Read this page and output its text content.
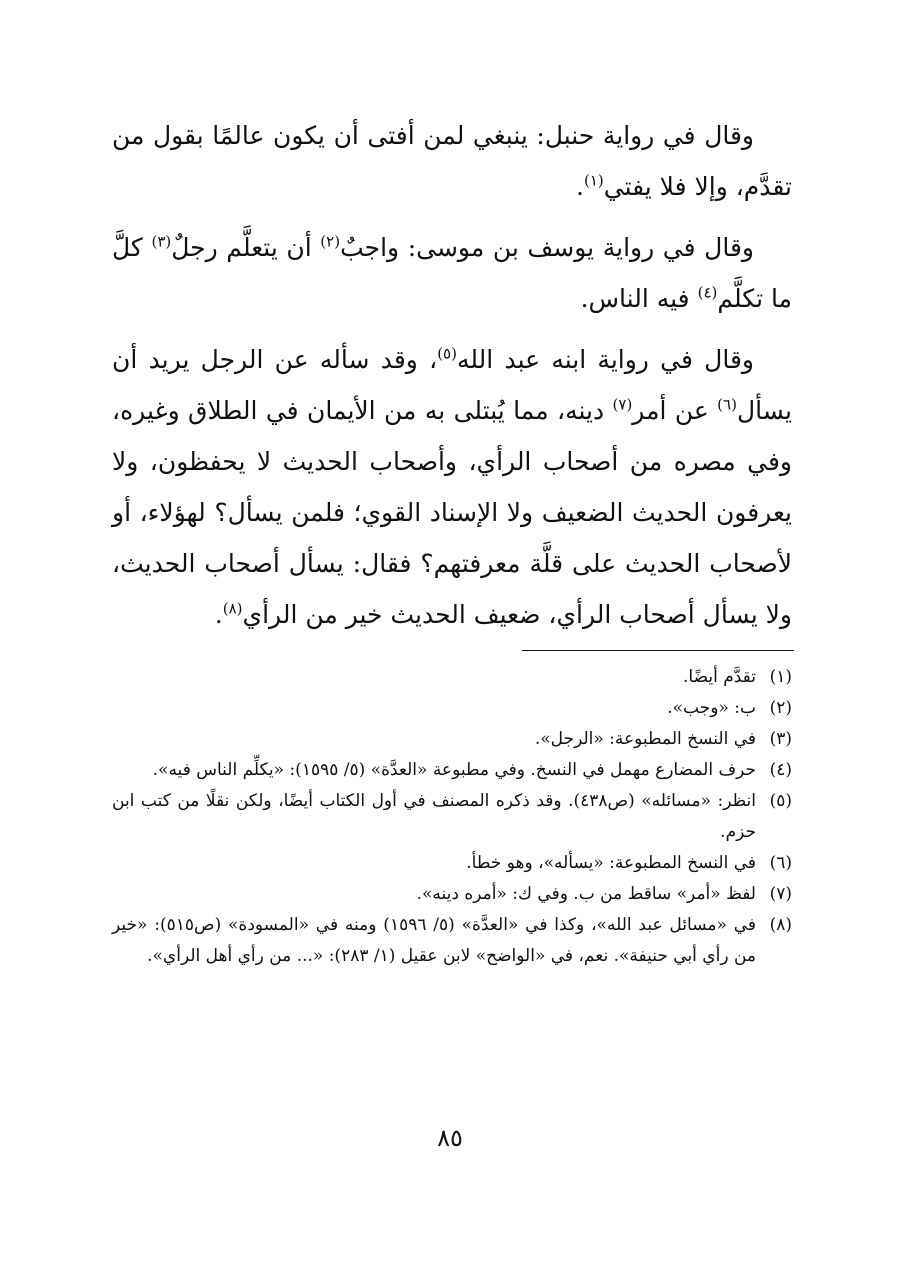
وقال في رواية حنبل: ينبغي لمن أفتى أن يكون عالمًا بقول من تقدَّم، وإلا فلا يفتي$^{(١)}$.

وقال في رواية يوسف بن موسى: واجبٌ$^{(٢)}$ أن يتعلَّم رجلٌ$^{(٣)}$ كلَّ ما تكلَّم$^{(٤)}$ فيه الناس.

وقال في رواية ابنه عبد الله$^{(٥)}$، وقد سأله عن الرجل يريد أن يسأل$^{(٦)}$ عن أمر$^{(٧)}$ دينه، مما يُبتلى به من الأيمان في الطلاق وغيره، وفي مصره من أصحاب الرأي، وأصحاب الحديث لا يحفظون، ولا يعرفون الحديث الضعيف ولا الإسناد القوي؛ فلمن يسأل؟ لهؤلاء، أو لأصحاب الحديث على قلَّة معرفتهم؟ فقال: يسأل أصحاب الحديث، ولا يسأل أصحاب الرأي، ضعيف الحديث خير من الرأي$^{(٨)}$.

(١)
تقدَّم أيضًا.
(٢)
ب: «وجب».
(٣)
في النسخ المطبوعة: «الرجل».
(٤)
حرف المضارع مهمل في النسخ. وفي مطبوعة «العدَّة» (٥/ ١٥٩٥): «يكلِّم الناس فيه».
(٥)
انظر: «مسائله» (ص٤٣٨). وقد ذكره المصنف في أول الكتاب أيضًا، ولكن نقلًا من كتب ابن حزم.
(٦)
في النسخ المطبوعة: «يسأله»، وهو خطأ.
(٧)
لفظ «أمر» ساقط من ب. وفي ك: «أمره دينه».
(٨)
في «مسائل عبد الله»، وكذا في «العدَّة» (٥/ ١٥٩٦) ومنه في «المسودة» (ص٥١٥): «خير من رأي أبي حنيفة». نعم، في «الواضح» لابن عقيل (١/ ٢٨٣): «... من رأي أهل الرأي».
٨٥
